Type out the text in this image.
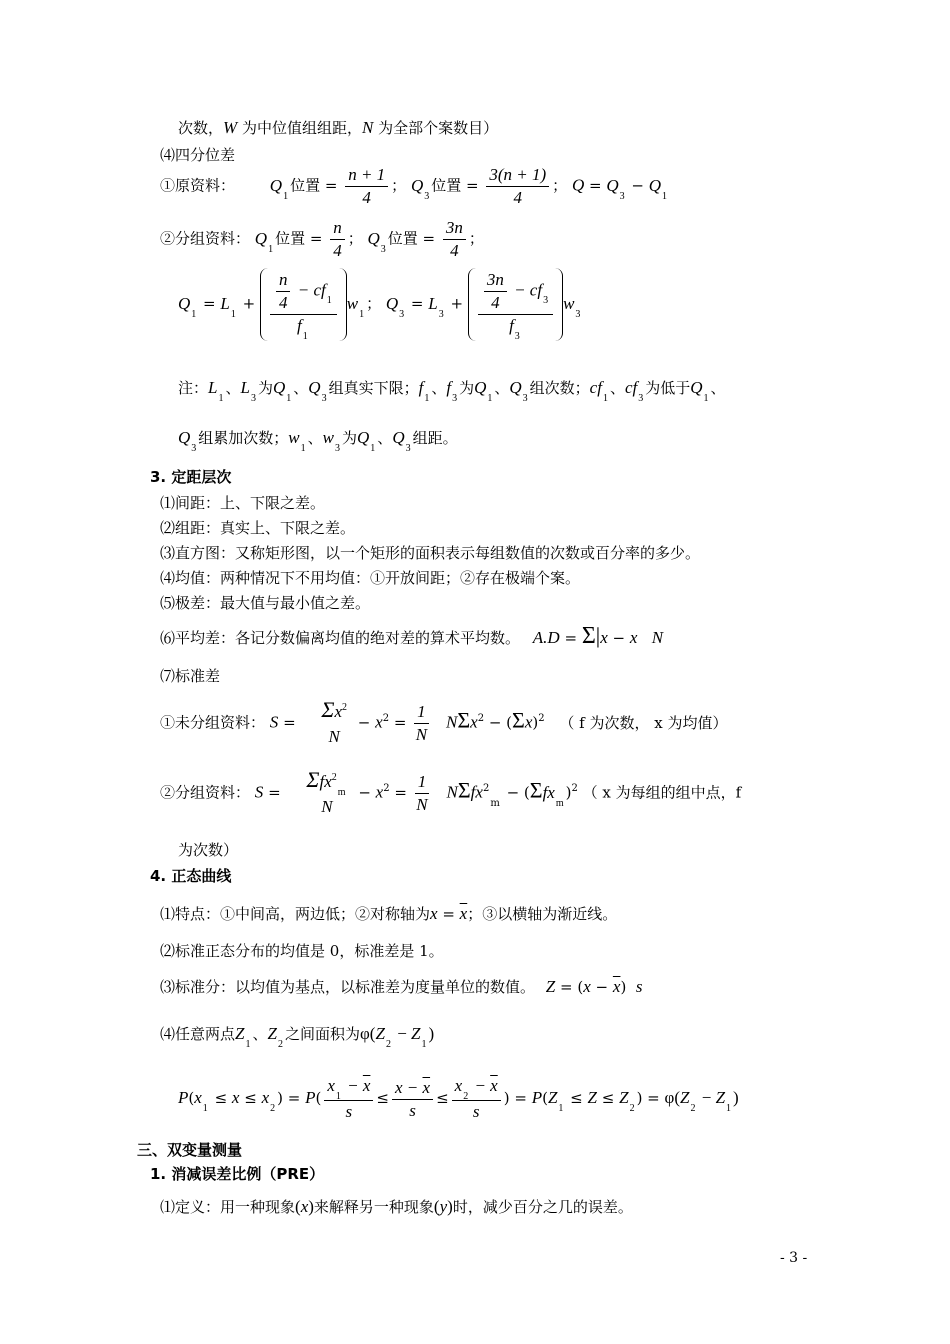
次数，W 为中位值组组距，N 为全部个案数目）
⑷四分位差
①原资料： $Q_1$位置 = $\frac{n + 1}{4}$ ； $Q_3$位置 = $\frac{3(n + 1)}{4}$ ； $Q = Q_3 - Q_1$
②分组资料： $Q_1$位置 = $\frac{n}{4}$ ； $Q_3$位置 = $\frac{3n}{4}$ ；
$Q_1 = L_1 + \frac{\frac{n}{4} - cf_1}{f_1} w_1$； $Q_3 = L_3 + \frac{\frac{3n}{4} - cf_3}{f_3} w_3$
注：$L_1$、$L_3$为$Q_1$、$Q_3$组真实下限；$f_1$、$f_3$为$Q_1$、$Q_3$组次数；$cf_1$、$cf_3$为低于$Q_1$、
$Q_3$组累加次数；$w_1$、$w_3$为$Q_1$、$Q_3$组距。
3. 定距层次
⑴间距：上、下限之差。
⑵组距：真实上、下限之差。
⑶直方图：又称矩形图，以一个矩形的面积表示每组数值的次数或百分率的多少。
⑷均值：两种情况下不用均值：①开放间距；②存在极端个案。
⑸极差：最大值与最小值之差。
⑹平均差：各记分数偏离均值的绝对差的算术平均数。 A.D = Σ|x − x N
⑺标准差
①未分组资料： S =
$\Sigma x^2$
N
− $x^2 = \frac{1}{N} N\Sigma x^2 - (\Sigma x)^2$ （ f 为次数， x 为均值）
②分组资料： S =
Σfx$^2_m$
N
− $x^2 = \frac{1}{N} N\Sigma fx^2_m - (\Sigma fx_m)^2$ （ x 为每组的组中点，f
为次数）
4. 正态曲线
⑴特点：①中间高，两边低；②对称轴为$x = \overline{x}$；③以横轴为渐近线。
⑵标准正态分布的均值是 0，标准差是 1。
⑶标准分：以均值为基点，以标准差为度量单位的数值。 $Z = (x - \overline{x})$  s
⑷任意两点$Z_1$、$Z_2$之间面积为$\varphi(Z_2 - Z_1)$
$P(x_1 \le x \le x_2) = P( \frac{x_1 - \overline{x}}{s} \le \frac{x - \overline{x}}{s} \le \frac{x_2 - \overline{x}}{s}$ ) = $P(Z_1 \le Z \le Z_2) = \varphi(Z_2 - Z_1)$
三、双变量测量
1. 消减误差比例（PRE）
⑴定义：用一种现象(x)来解释另一种现象(y)时，减少百分之几的误差。
- 3 -
